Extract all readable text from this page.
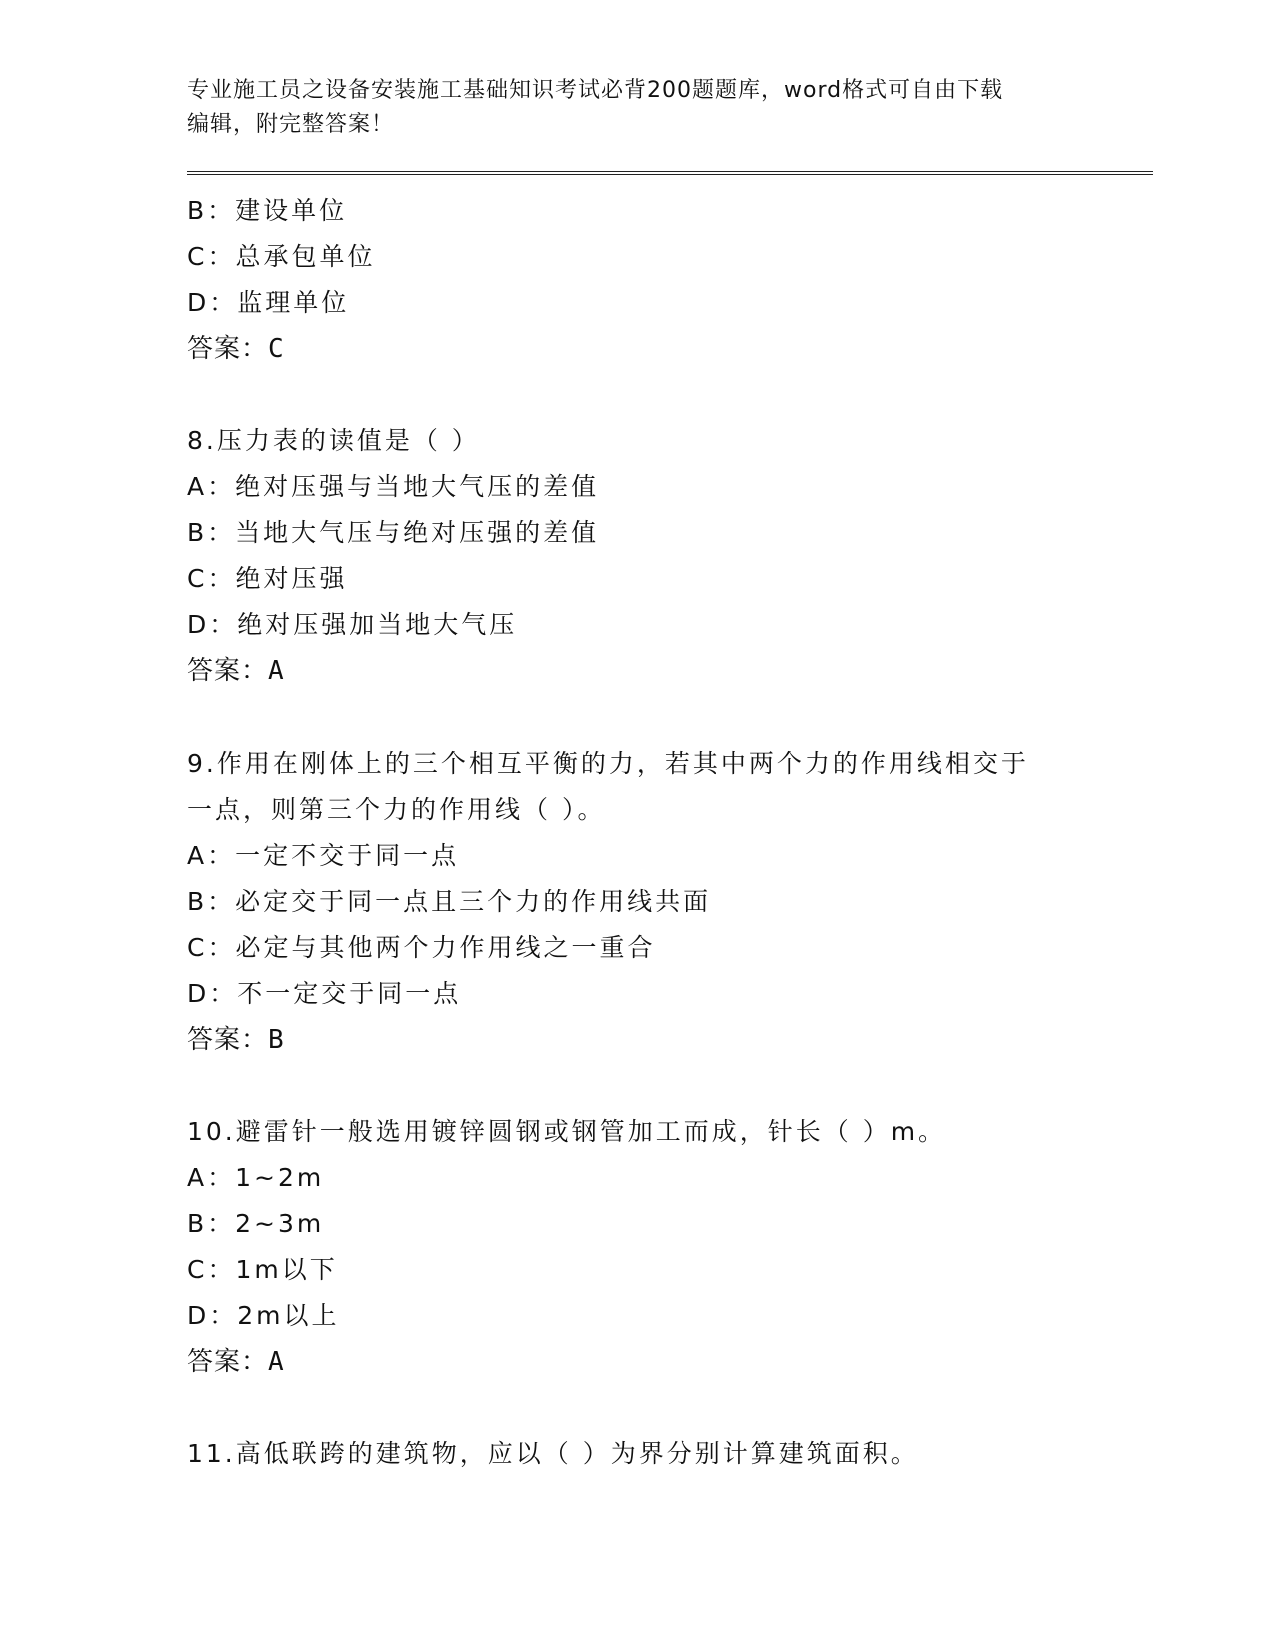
专业施工员之设备安装施工基础知识考试必背200题题库，word格式可自由下载
编辑，附完整答案！
B：建设单位
C：总承包单位
D：监理单位
答案：C
8.压力表的读值是（ ）
A：绝对压强与当地大气压的差值
B：当地大气压与绝对压强的差值
C：绝对压强
D：绝对压强加当地大气压
答案：A
9.作用在刚体上的三个相互平衡的力，若其中两个力的作用线相交于
一点，则第三个力的作用线（ ）。
A：一定不交于同一点
B：必定交于同一点且三个力的作用线共面
C：必定与其他两个力作用线之一重合
D：不一定交于同一点
答案：B
10.避雷针一般选用镀锌圆钢或钢管加工而成，针长（ ）m。
A：1~2m
B：2~3m
C：1m以下
D：2m以上
答案：A
11.高低联跨的建筑物，应以（ ）为界分别计算建筑面积。
